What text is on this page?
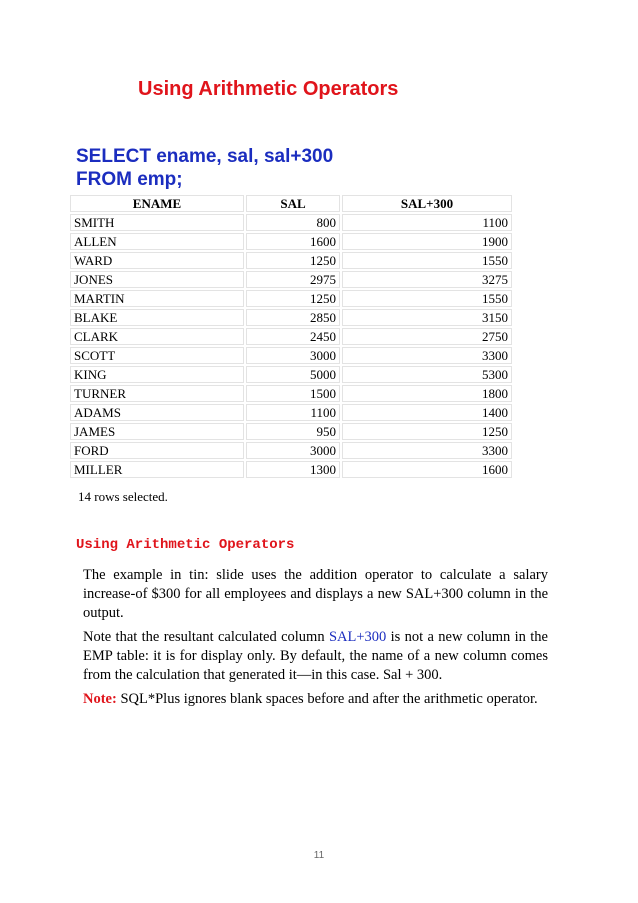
Using Arithmetic Operators
SELECT ename, sal, sal+300
FROM emp;
ENAME	SAL	SAL+300
SMITH	800	1100
ALLEN	1600	1900
WARD	1250	1550
JONES	2975	3275
MARTIN	1250	1550
BLAKE	2850	3150
CLARK	2450	2750
SCOTT	3000	3300
KING	5000	5300
TURNER	1500	1800
ADAMS	1100	1400
JAMES	950	1250
FORD	3000	3300
MILLER	1300	1600
14 rows selected.
Using Arithmetic Operators
The example in tin: slide uses the addition operator to calculate a salary increase-of $300 for all employees and displays a new SAL+300 column in the output.
Note that the resultant calculated column SAL+300 is not a new column in the EMP table: it is for display only. By default, the name of a new column comes from the calculation that generated it—in this case. Sal + 300.
Note: SQL*Plus ignores blank spaces before and after the arithmetic operator.
11
